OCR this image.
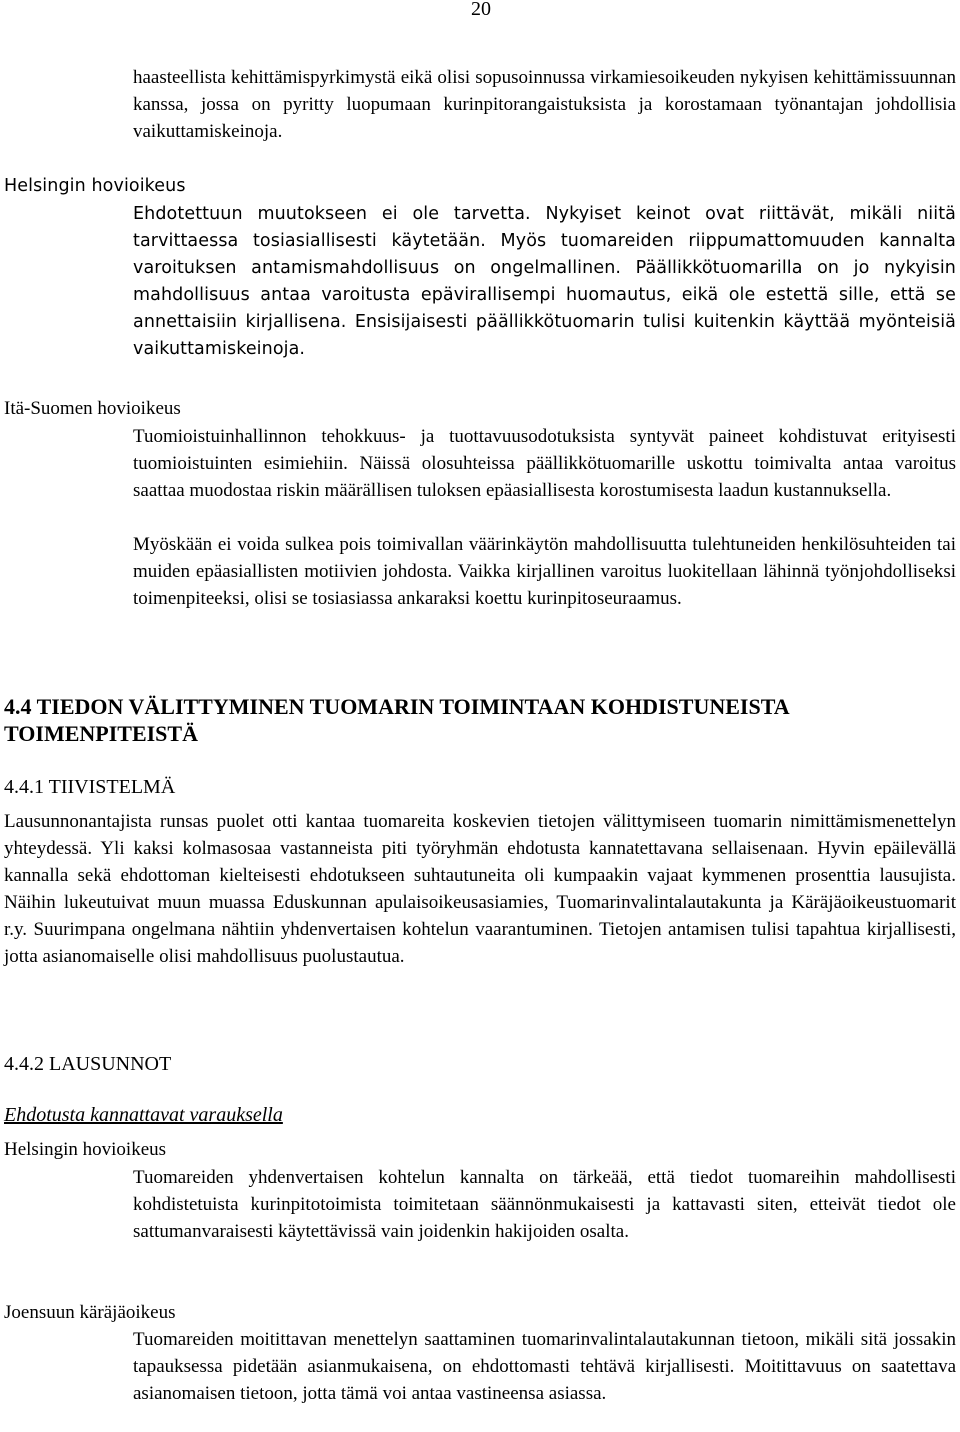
20

haasteellista kehittämispyrkimystä eikä olisi sopusoinnussa virkamiesoikeuden nykyisen kehittämissuunnan kanssa, jossa on pyritty luopumaan kurinpitorangaistuksista ja korostamaan työnantajan johdollisia vaikuttamiskeinoja.

Helsingin hovioikeus

Ehdotettuun muutokseen ei ole tarvetta. Nykyiset keinot ovat riittävät, mikäli niitä tarvittaessa tosiasiallisesti käytetään. Myös tuomareiden riippumattomuuden kannalta varoituksen antamismahdollisuus on ongelmallinen. Päällikkötuomarilla on jo nykyisin mahdollisuus antaa varoitusta epävirallisempi huomautus, eikä ole estettä sille, että se annettaisiin kirjallisena. Ensisijaisesti päällikkötuomarin tulisi kuitenkin käyttää myönteisiä vaikuttamiskeinoja.

Itä-Suomen hovioikeus

Tuomioistuinhallinnon tehokkuus- ja tuottavuusodotuksista syntyvät paineet kohdistuvat erityisesti tuomioistuinten esimiehiin. Näissä olosuhteissa päällikkötuomarille uskottu toimivalta antaa varoitus saattaa muodostaa riskin määrällisen tuloksen epäasiallisesta korostumisesta laadun kustannuksella.

Myöskään ei voida sulkea pois toimivallan väärinkäytön mahdollisuutta tulehtuneiden henkilösuhteiden tai muiden epäasiallisten motiivien johdosta. Vaikka kirjallinen varoitus luokitellaan lähinnä työnjohdolliseksi toimenpiteeksi, olisi se tosiasiassa ankaraksi koettu kurinpitoseuraamus.

4.4 TIEDON VÄLITTYMINEN TUOMARIN TOIMINTAAN KOHDISTUNEISTA TOIMENPITEISTÄ
4.4.1 TIIVISTELMÄ

Lausunnonantajista runsas puolet otti kantaa tuomareita koskevien tietojen välittymiseen tuomarin nimittämismenettelyn yhteydessä. Yli kaksi kolmasosaa vastanneista piti työryhmän ehdotusta kannatettavana sellaisenaan. Hyvin epäilevällä kannalla sekä ehdottoman kielteisesti ehdotukseen suhtautuneita oli kumpaakin vajaat kymmenen prosenttia lausujista. Näihin lukeutuivat muun muassa Eduskunnan apulaisoikeusasiamies, Tuomarinvalintalautakunta ja Käräjäoikeustuomarit r.y. Suurimpana ongelmana nähtiin yhdenvertaisen kohtelun vaarantuminen. Tietojen antamisen tulisi tapahtua kirjallisesti, jotta asianomaiselle olisi mahdollisuus puolustautua.

4.4.2 LAUSUNNOT
Ehdotusta kannattavat varauksella
Helsingin hovioikeus

Tuomareiden yhdenvertaisen kohtelun kannalta on tärkeää, että tiedot tuomareihin mahdollisesti kohdistetuista kurinpitotoimista toimitetaan säännönmukaisesti ja kattavasti siten, etteivät tiedot ole sattumanvaraisesti käytettävissä vain joidenkin hakijoiden osalta.

Joensuun käräjäoikeus

Tuomareiden moitittavan menettelyn saattaminen tuomarinvalintalautakunnan tietoon, mikäli sitä jossakin tapauksessa pidetään asianmukaisena, on ehdottomasti tehtävä kirjallisesti. Moitittavuus on saatettava asianomaisen tietoon, jotta tämä voi antaa vastineensa asiassa.
